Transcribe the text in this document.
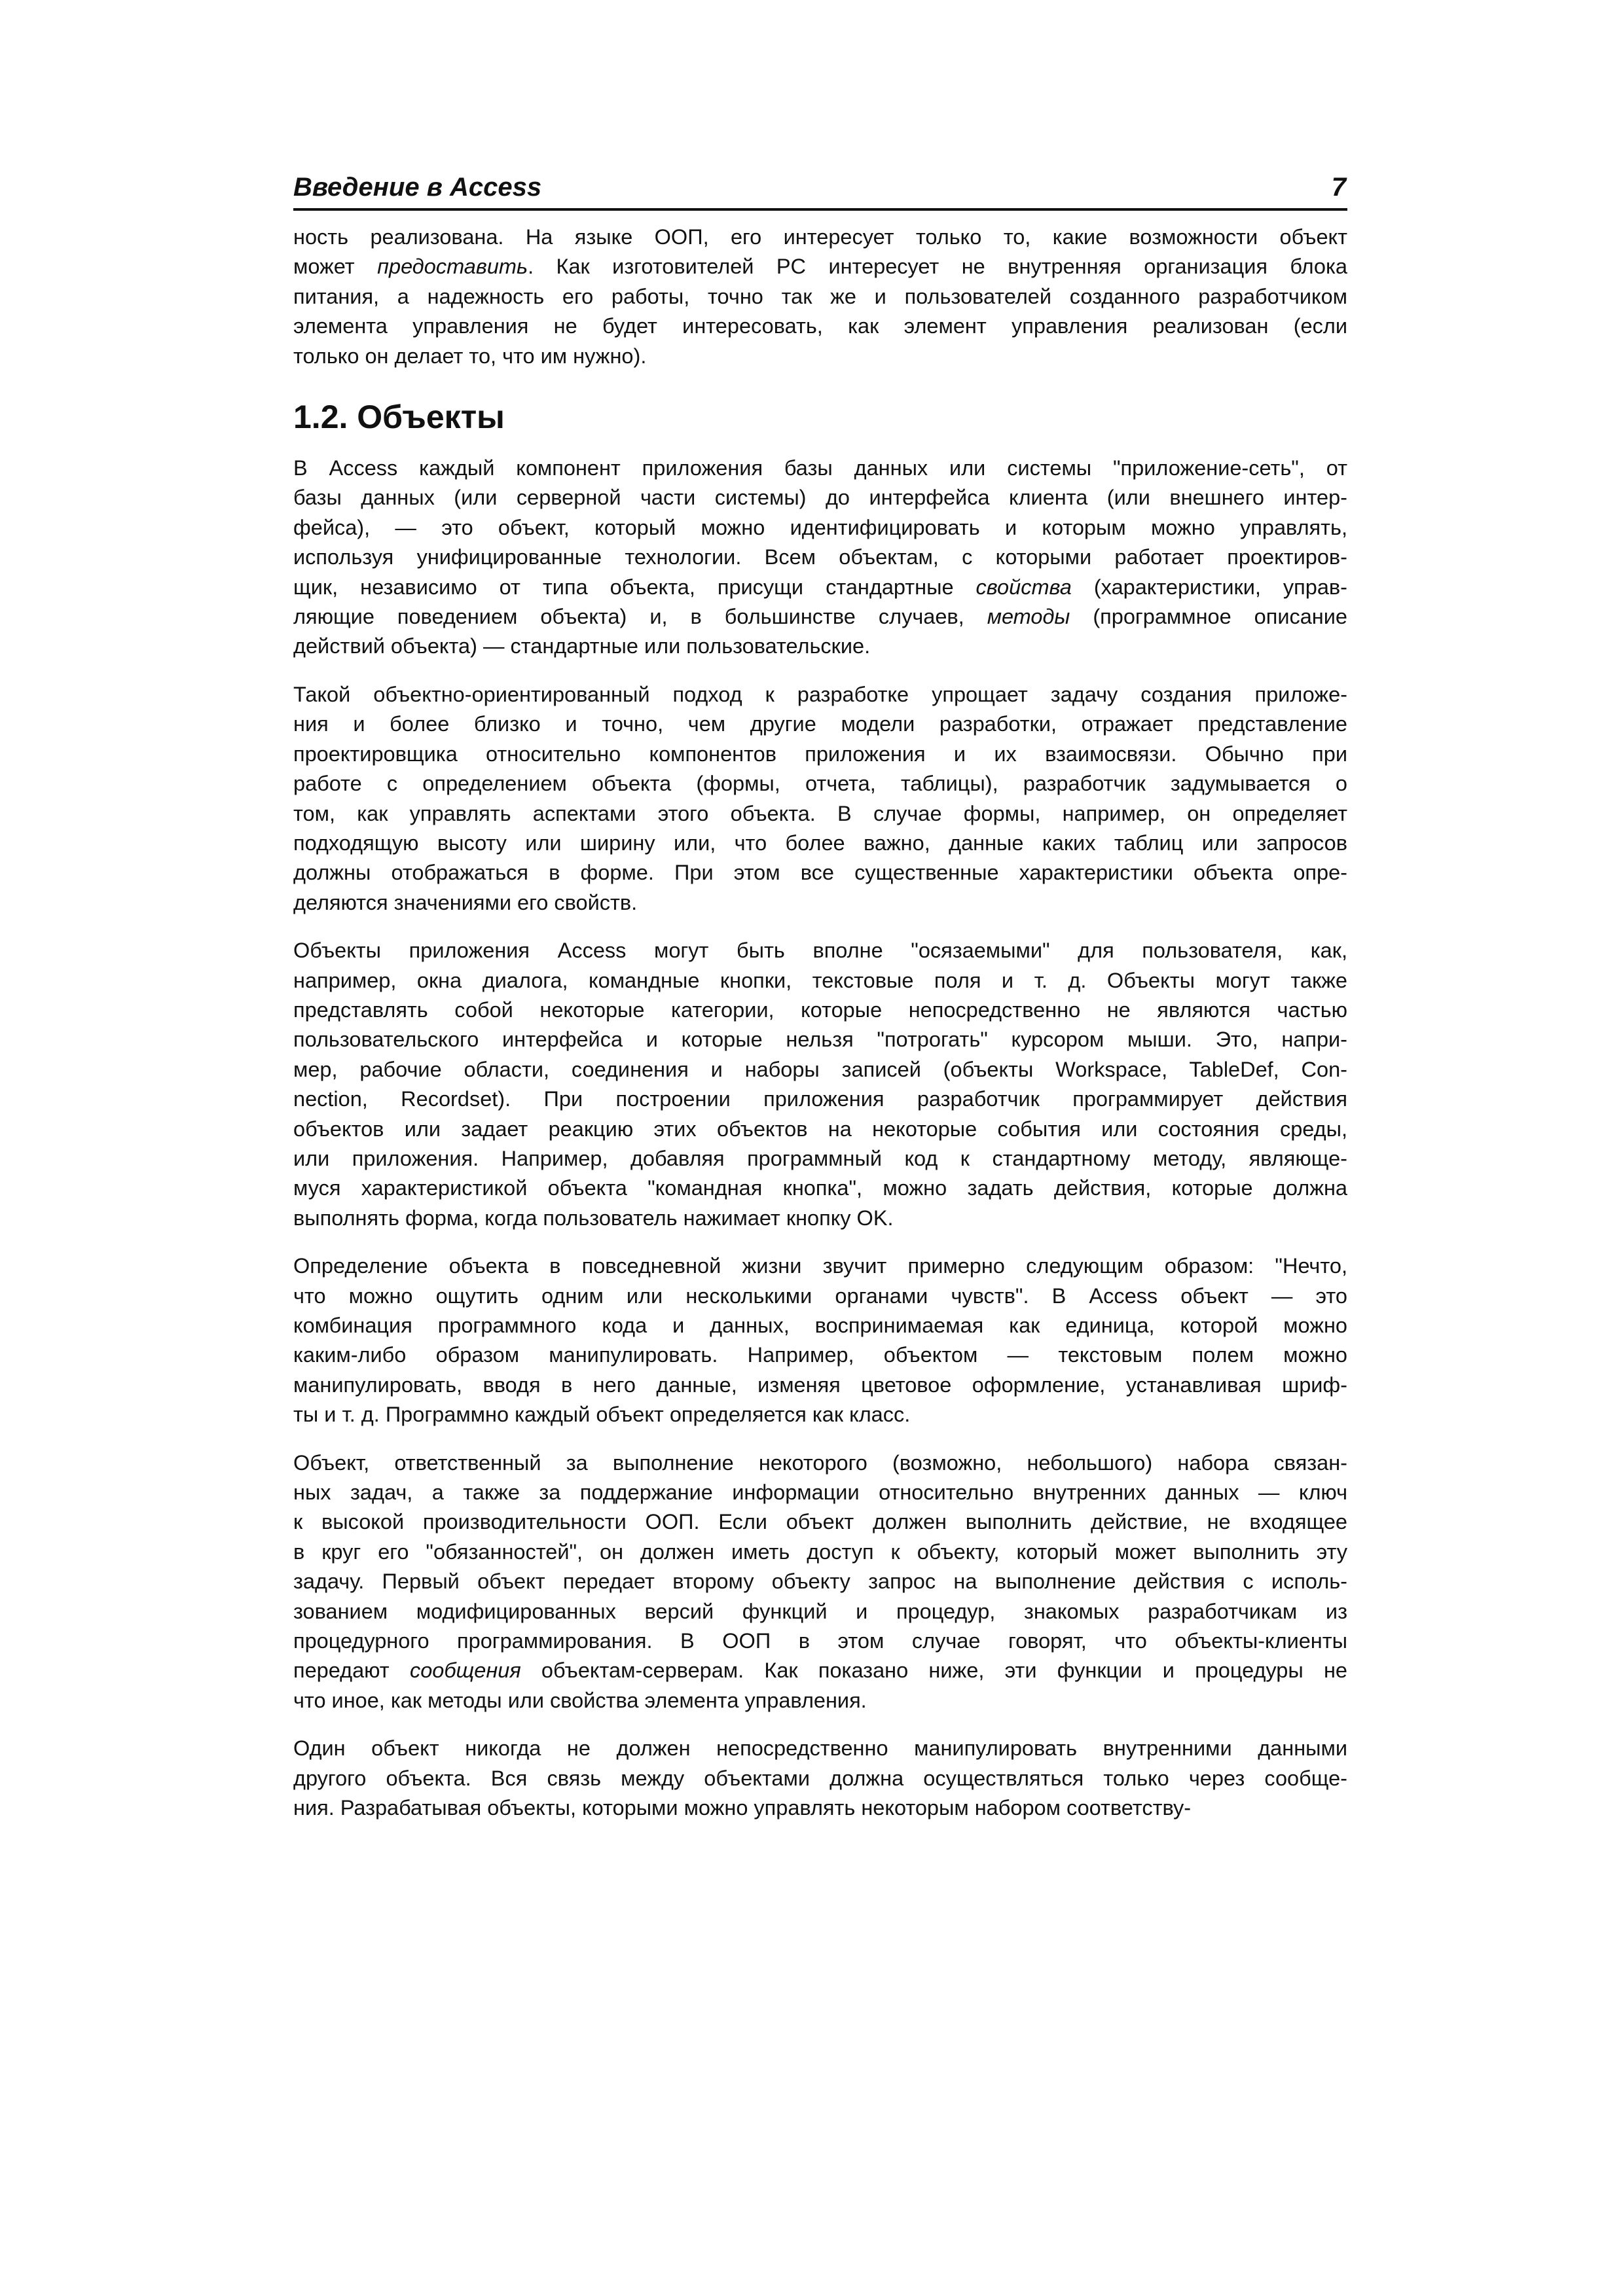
Введение в Access	7

ность реализована. На языке ООП, его интересует только то, какие возможности объект
может предоставить. Как изготовителей PC интересует не внутренняя организация блока
питания, а надежность его работы, точно так же и пользователей созданного разработчиком
элемента управления не будет интересовать, как элемент управления реализован (если
только он делает то, что им нужно).

1.2. Объекты

В Access каждый компонент приложения базы данных или системы "приложение-сеть", от
базы данных (или серверной части системы) до интерфейса клиента (или внешнего интер-
фейса), — это объект, который можно идентифицировать и которым можно управлять,
используя унифицированные технологии. Всем объектам, с которыми работает проектиров-
щик, независимо от типа объекта, присущи стандартные свойства (характеристики, управ-
ляющие поведением объекта) и, в большинстве случаев, методы (программное описание
действий объекта) — стандартные или пользовательские.

Такой объектно-ориентированный подход к разработке упрощает задачу создания приложе-
ния и более близко и точно, чем другие модели разработки, отражает представление
проектировщика относительно компонентов приложения и их взаимосвязи. Обычно при
работе с определением объекта (формы, отчета, таблицы), разработчик задумывается о
том, как управлять аспектами этого объекта. В случае формы, например, он определяет
подходящую высоту или ширину или, что более важно, данные каких таблиц или запросов
должны отображаться в форме. При этом все существенные характеристики объекта опре-
деляются значениями его свойств.

Объекты приложения Access могут быть вполне "осязаемыми" для пользователя, как,
например, окна диалога, командные кнопки, текстовые поля и т. д. Объекты могут также
представлять собой некоторые категории, которые непосредственно не являются частью
пользовательского интерфейса и которые нельзя "потрогать" курсором мыши. Это, напри-
мер, рабочие области, соединения и наборы записей (объекты Workspace, TableDef, Con-
nection, Recordset). При построении приложения разработчик программирует действия
объектов или задает реакцию этих объектов на некоторые события или состояния среды,
или приложения. Например, добавляя программный код к стандартному методу, являюще-
муся характеристикой объекта "командная кнопка", можно задать действия, которые должна
выполнять форма, когда пользователь нажимает кнопку OK.

Определение объекта в повседневной жизни звучит примерно следующим образом: "Нечто,
что можно ощутить одним или несколькими органами чувств". В Access объект — это
комбинация программного кода и данных, воспринимаемая как единица, которой можно
каким-либо образом манипулировать. Например, объектом — текстовым полем можно
манипулировать, вводя в него данные, изменяя цветовое оформление, устанавливая шриф-
ты и т. д. Программно каждый объект определяется как класс.

Объект, ответственный за выполнение некоторого (возможно, небольшого) набора связан-
ных задач, а также за поддержание информации относительно внутренних данных — ключ
к высокой производительности ООП. Если объект должен выполнить действие, не входящее
в круг его "обязанностей", он должен иметь доступ к объекту, который может выполнить эту
задачу. Первый объект передает второму объекту запрос на выполнение действия с исполь-
зованием модифицированных версий функций и процедур, знакомых разработчикам из
процедурного программирования. В ООП в этом случае говорят, что объекты-клиенты
передают сообщения объектам-серверам. Как показано ниже, эти функции и процедуры не
что иное, как методы или свойства элемента управления.

Один объект никогда не должен непосредственно манипулировать внутренними данными
другого объекта. Вся связь между объектами должна осуществляться только через сообще-
ния. Разрабатывая объекты, которыми можно управлять некоторым набором соответству-
